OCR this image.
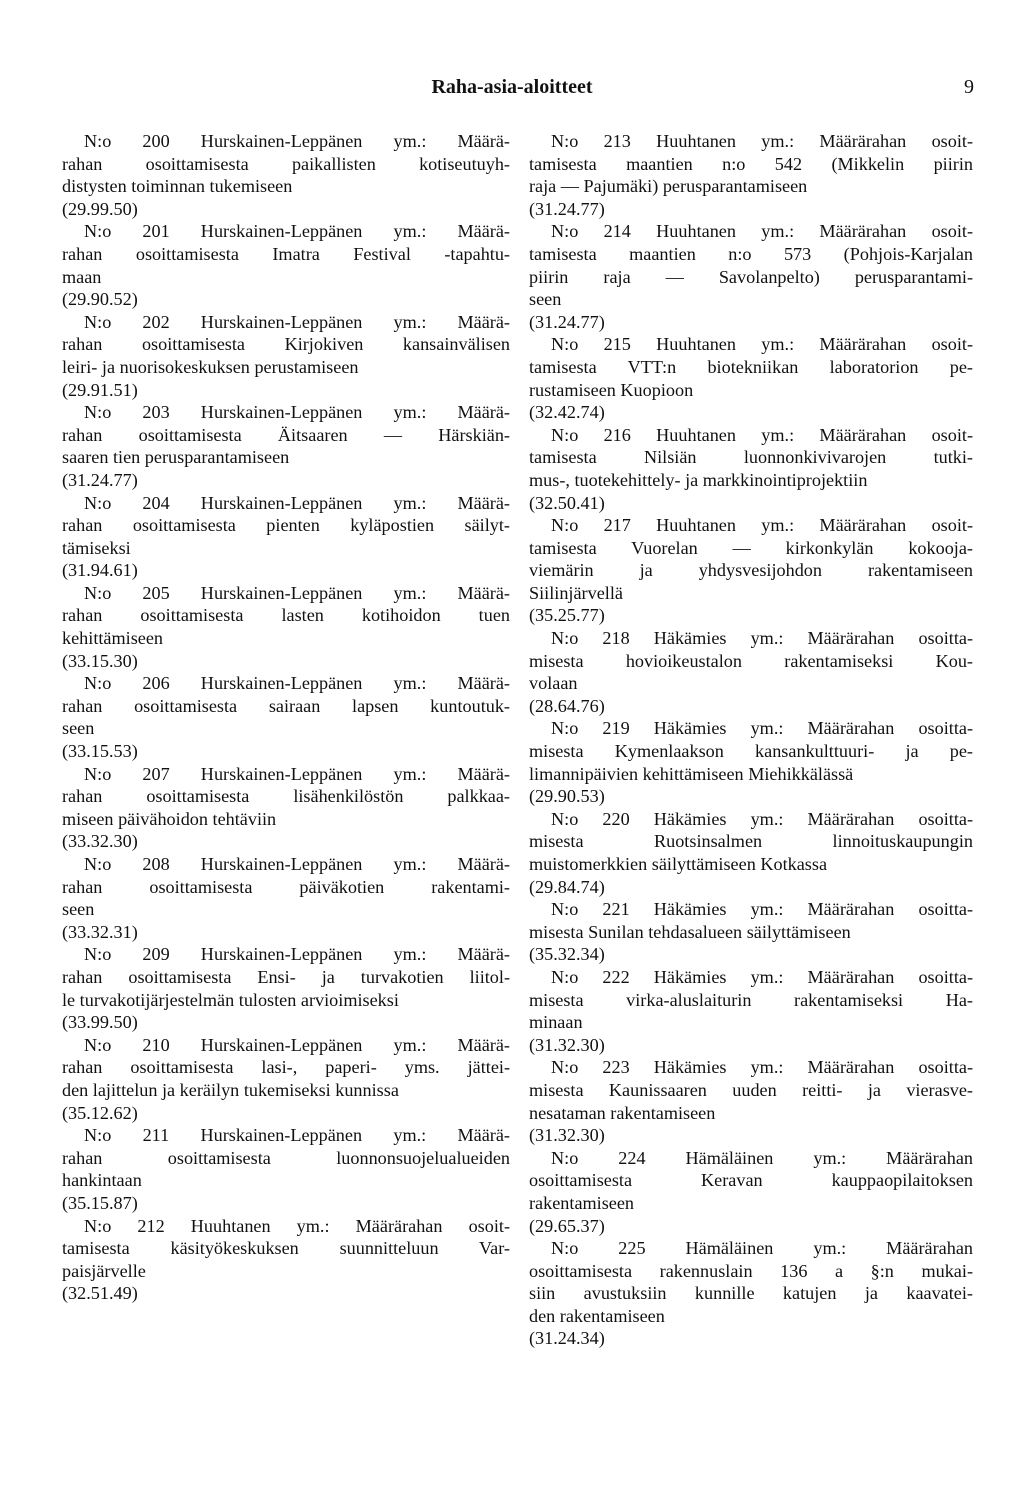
Raha-asia-aloitteet	9
N:o 200 Hurskainen-Leppänen ym.: Määrä-
rahan osoittamisesta paikallisten kotiseutuyh-
distysten toiminnan tukemiseen
(29.99.50)
N:o 201 Hurskainen-Leppänen ym.: Määrä-
rahan osoittamisesta Imatra Festival -tapahtu-
maan
(29.90.52)
N:o 202 Hurskainen-Leppänen ym.: Määrä-
rahan osoittamisesta Kirjokiven kansainvälisen
leiri- ja nuorisokeskuksen perustamiseen
(29.91.51)
N:o 203 Hurskainen-Leppänen ym.: Määrä-
rahan osoittamisesta Äitsaaren — Härskiän-
saaren tien perusparantamiseen
(31.24.77)
N:o 204 Hurskainen-Leppänen ym.: Määrä-
rahan osoittamisesta pienten kyläpostien säilyt-
tämiseksi
(31.94.61)
N:o 205 Hurskainen-Leppänen ym.: Määrä-
rahan osoittamisesta lasten kotihoidon tuen
kehittämiseen
(33.15.30)
N:o 206 Hurskainen-Leppänen ym.: Määrä-
rahan osoittamisesta sairaan lapsen kuntoutuk-
seen
(33.15.53)
N:o 207 Hurskainen-Leppänen ym.: Määrä-
rahan osoittamisesta lisähenkilöstön palkkaa-
miseen päivähoidon tehtäviin
(33.32.30)
N:o 208 Hurskainen-Leppänen ym.: Määrä-
rahan osoittamisesta päiväkotien rakentami-
seen
(33.32.31)
N:o 209 Hurskainen-Leppänen ym.: Määrä-
rahan osoittamisesta Ensi- ja turvakotien liitol-
le turvakotijärjestelmän tulosten arvioimiseksi
(33.99.50)
N:o 210 Hurskainen-Leppänen ym.: Määrä-
rahan osoittamisesta lasi-, paperi- yms. jättei-
den lajittelun ja keräilyn tukemiseksi kunnissa
(35.12.62)
N:o 211 Hurskainen-Leppänen ym.: Määrä-
rahan osoittamisesta luonnonsuojelualueiden
hankintaan
(35.15.87)
N:o 212 Huuhtanen ym.: Määrärahan osoit-
tamisesta käsityökeskuksen suunnitteluun Var-
paisjärvelle
(32.51.49)
N:o 213 Huuhtanen ym.: Määrärahan osoit-
tamisesta maantien n:o 542 (Mikkelin piirin
raja — Pajumäki) perusparantamiseen
(31.24.77)
N:o 214 Huuhtanen ym.: Määrärahan osoit-
tamisesta maantien n:o 573 (Pohjois-Karjalan
piirin raja — Savolanpelto) perusparantami-
seen
(31.24.77)
N:o 215 Huuhtanen ym.: Määrärahan osoit-
tamisesta VTT:n biotekniikan laboratorion pe-
rustamiseen Kuopioon
(32.42.74)
N:o 216 Huuhtanen ym.: Määrärahan osoit-
tamisesta Nilsiän luonnonkivivarojen tutki-
mus-, tuotekehittely- ja markkinointiprojektiin
(32.50.41)
N:o 217 Huuhtanen ym.: Määrärahan osoit-
tamisesta Vuorelan — kirkonkylän kokooja-
viemärin ja yhdysvesijohdon rakentamiseen
Siilinjärvellä
(35.25.77)
N:o 218 Häkämies ym.: Määrärahan osoitta-
misesta hovioikeustalon rakentamiseksi Kou-
volaan
(28.64.76)
N:o 219 Häkämies ym.: Määrärahan osoitta-
misesta Kymenlaakson kansankulttuuri- ja pe-
limannipäivien kehittämiseen Miehikkälässä
(29.90.53)
N:o 220 Häkämies ym.: Määrärahan osoitta-
misesta Ruotsinsalmen linnoituskaupungin
muistomerkkien säilyttämiseen Kotkassa
(29.84.74)
N:o 221 Häkämies ym.: Määrärahan osoitta-
misesta Sunilan tehdasalueen säilyttämiseen
(35.32.34)
N:o 222 Häkämies ym.: Määrärahan osoitta-
misesta virka-aluslaiturin rakentamiseksi Ha-
minaan
(31.32.30)
N:o 223 Häkämies ym.: Määrärahan osoitta-
misesta Kaunissaaren uuden reitti- ja vierasve-
nesataman rakentamiseen
(31.32.30)
N:o 224 Hämäläinen ym.: Määrärahan
osoittamisesta Keravan kauppaopilaitoksen
rakentamiseen
(29.65.37)
N:o 225 Hämäläinen ym.: Määrärahan
osoittamisesta rakennuslain 136 a §:n mukai-
siin avustuksiin kunnille katujen ja kaavatei-
den rakentamiseen
(31.24.34)
